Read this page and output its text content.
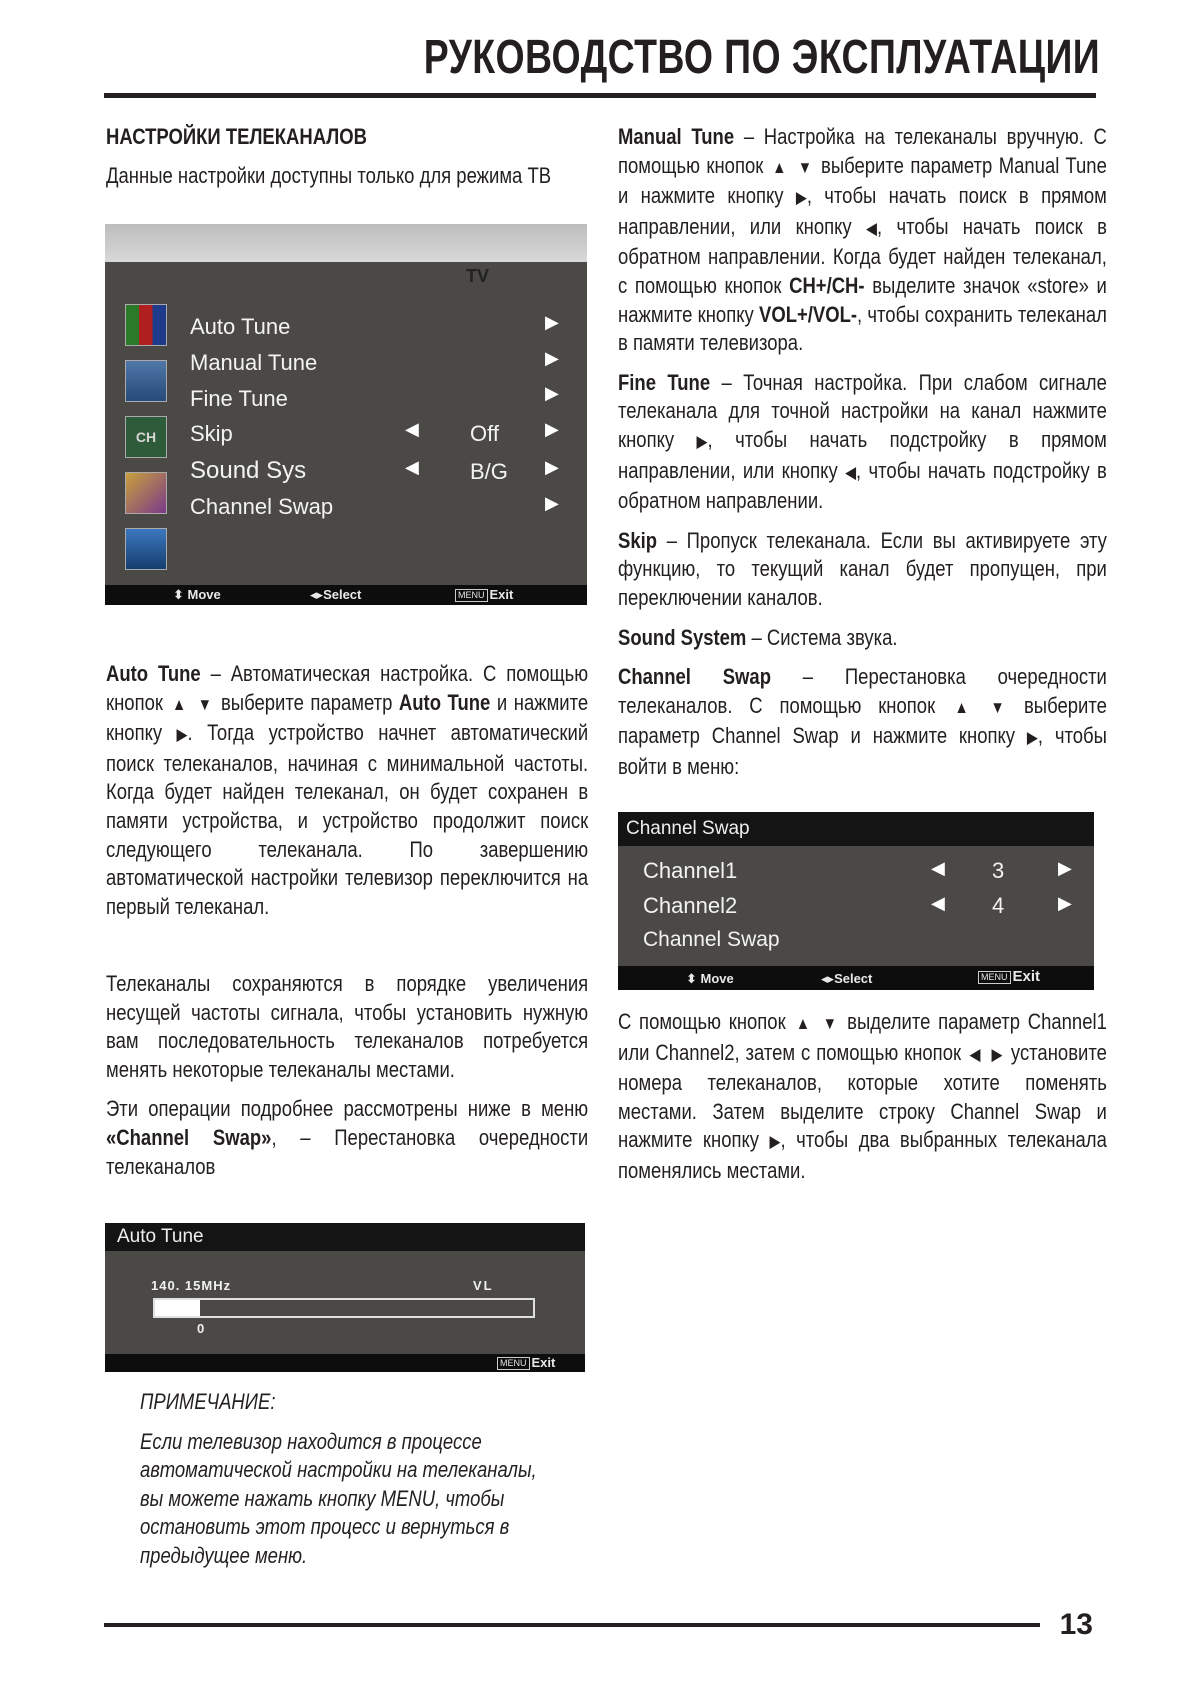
РУКОВОДСТВО ПО ЭКСПЛУАТАЦИИ
НАСТРОЙКИ ТЕЛЕКАНАЛОВ

Данные настройки доступны только для режима ТВ

TV
CH
Auto Tune	▶
Manual Tune	▶
Fine Tune	▶
Skip	◀ Off	▶
Sound Sys	◀ B/G ▶
Channel Swap	▶
⬍ Move	◂▸Select	MENU Exit

Auto Tune – Автоматическая настройка. С помощью кнопок ▲ ▼ выберите параметр Auto Tune и нажмите кнопку ▶. Тогда устройство начнет автоматический поиск телеканалов, начиная с минимальной частоты. Когда будет найден телеканал, он будет сохранен в памяти устройства, и устройство продолжит поиск следующего телеканала. По завершению автоматической настройки телевизор переключится на первый телеканал.

Телеканалы сохраняются в порядке увеличения несущей частоты сигнала, чтобы установить нужную вам последовательность телеканалов потребуется менять некоторые телеканалы местами.

Эти операции подробнее рассмотрены ниже в меню «Channel Swap», – Перестановка очередности телеканалов

Auto Tune
140. 15MHz	VL
0
MENU Exit
ПРИМЕЧАНИЕ:

Если телевизор находится в процессе автоматической настройки на телеканалы, вы можете нажать кнопку MENU, чтобы остановить этот процесс и вернуться в предыдущее меню.

Manual Tune – Настройка на телеканалы вручную. С помощью кнопок ▲ ▼ выберите параметр Manual Tune и нажмите кнопку ▶, чтобы начать поиск в прямом направлении, или кнопку ◀, чтобы начать поиск в обратном направлении. Когда будет найден телеканал, с помощью кнопок CH+/CH- выделите значок «store» и нажмите кнопку VOL+/VOL-, чтобы сохранить телеканал в памяти телевизора.

Fine Tune – Точная настройка. При слабом сигнале телеканала для точной настройки на канал нажмите кнопку ▶, чтобы начать подстройку в прямом направлении, или кнопку ◀, чтобы начать подстройку в обратном направлении.

Skip – Пропуск телеканала. Если вы активируете эту функцию, то текущий канал будет пропущен, при переключении каналов.

Sound System – Система звука.

Channel Swap – Перестановка очередности телеканалов. С помощью кнопок ▲ ▼ выберите параметр Channel Swap и нажмите кнопку ▶, чтобы войти в меню:

Channel Swap
Channel1	◀ 3	▶
Channel2	◀ 4	▶
Channel Swap
⬍ Move	◂▸Select	MENU Exit

С помощью кнопок ▲ ▼ выделите параметр Channel1 или Channel2, затем с помощью кнопок ◀ ▶ установите номера телеканалов, которые хотите поменять местами. Затем выделите строку Channel Swap и нажмите кнопку ▶, чтобы два выбранных телеканала поменялись местами.

13
